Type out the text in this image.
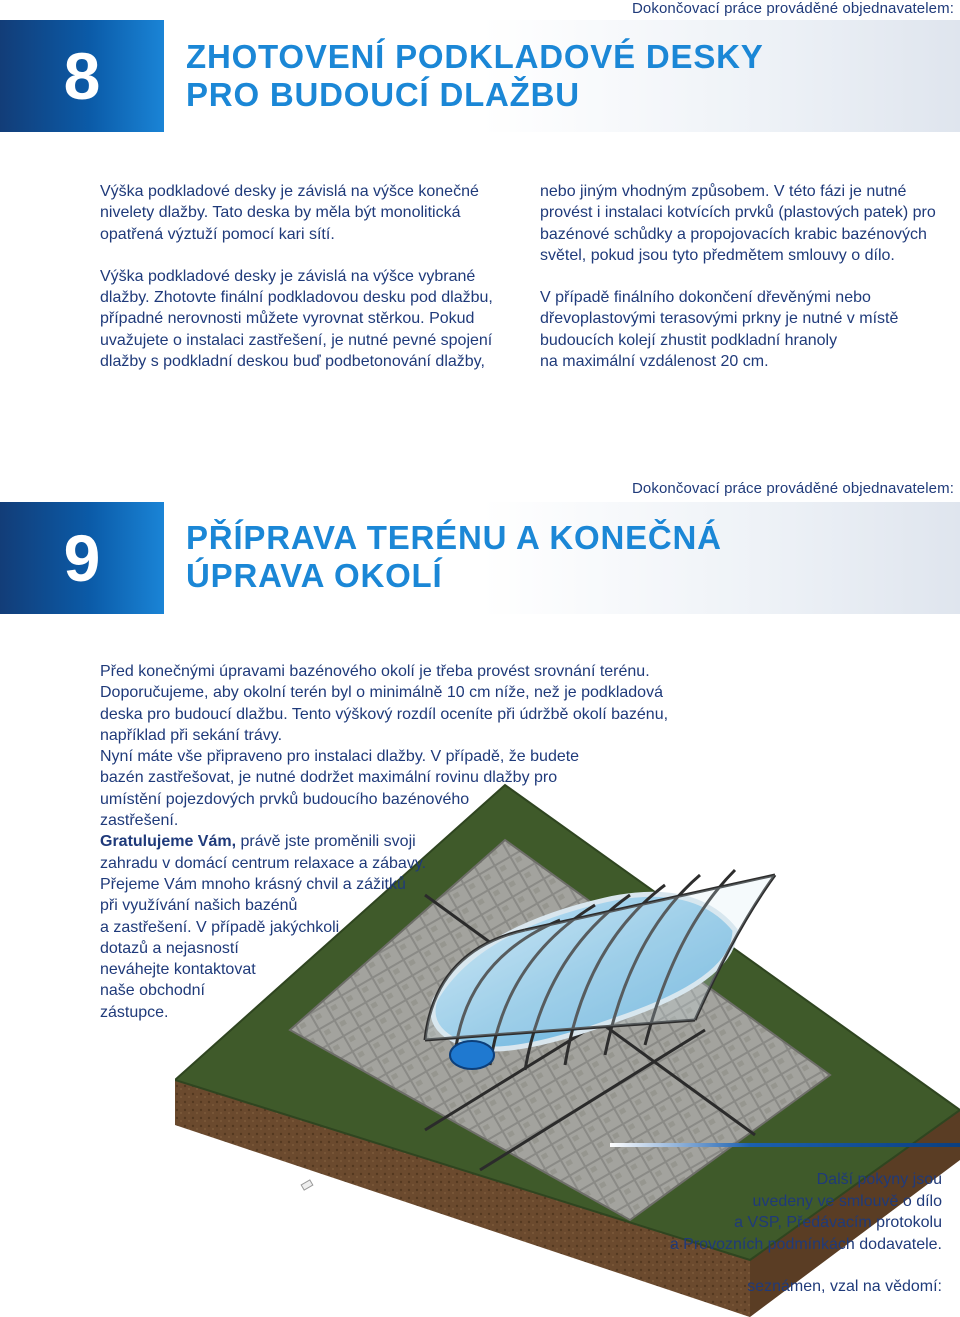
Dokončovací práce prováděné objednavatelem:
8	ZHOTOVENÍ PODKLADOVÉ DESKY
PRO BUDOUCÍ DLAŽBU

Výška podkladové desky je závislá na výšce konečné
nivelety dlažby. Tato deska by měla být monolitická
opatřená výztuží pomocí kari sítí.

Výška podkladové desky je závislá na výšce vybrané
dlažby. Zhotovte finální podkladovou desku pod dlažbu,
případné nerovnosti můžete vyrovnat stěrkou. Pokud
uvažujete o instalaci zastřešení, je nutné pevné spojení
dlažby s podkladní deskou buď podbetonování dlažby,

nebo jiným vhodným způsobem. V této fázi je nutné
provést i instalaci kotvících prvků (plastových patek) pro
bazénové schůdky a propojovacích krabic bazénových
světel, pokud jsou tyto předmětem smlouvy o dílo.

V případě finálního dokončení dřevěnými nebo
dřevoplastovými terasovými prkny je nutné v místě
budoucích kolejí zhustit podkladní hranoly
na maximální vzdálenost 20 cm.

Dokončovací práce prováděné objednavatelem:
9	PŘÍPRAVA TERÉNU A KONEČNÁ
ÚPRAVA OKOLÍ
Před konečnými úpravami bazénového okolí je třeba provést srovnání terénu.
Doporučujeme, aby okolní terén byl o minimálně 10 cm níže, než je podkladová
deska pro budoucí dlažbu. Tento výškový rozdíl oceníte při údržbě okolí bazénu,
například při sekání trávy.
Nyní máte vše připraveno pro instalaci dlažby. V případě, že budete
bazén zastřešovat, je nutné dodržet maximální rovinu dlažby pro
umístění pojezdových prvků budoucího bazénového
zastřešení.
Gratulujeme Vám, právě jste proměnili svoji
zahradu v domácí centrum relaxace a zábavy.
Přejeme Vám mnoho krásný chvil a zážitků
při využívání našich bazénů
a zastřešení. V případě jakýchkoli
dotazů a nejasností
neváhejte kontaktovat
naše obchodní
zástupce.
Další pokyny jsou
uvedeny ve smlouvě o dílo
a VSP, Předávacím protokolu
a Provozních podmínkách dodavatele.
seznámen, vzal na vědomí:
